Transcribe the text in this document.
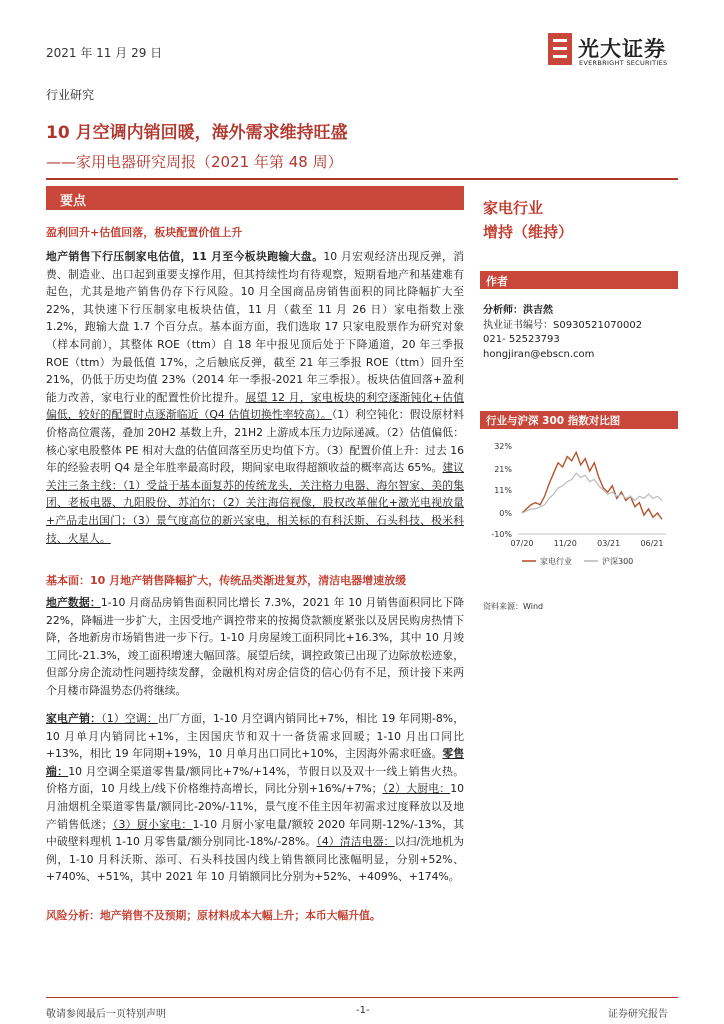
2021 年 11 月 29 日	光大证券
EVERBRIGHT SECURITIES
行业研究
10 月空调内销回暖，海外需求维持旺盛
——家用电器研究周报（2021 年第 48 周）
要点
盈利回升+估值回落，板块配置价值上升
地产销售下行压制家电估值，11 月至今板块跑输大盘。10 月宏观经济出现反弹，消费、制造业、出口起到重要支撑作用，但其持续性均有待观察，短期看地产和基建难有起色，尤其是地产销售仍存下行风险。10 月全国商品房销售面积的同比降幅扩大至 22%，其快速下行压制家电板块估值，11 月（截至 11 月 26 日）家电指数上涨 1.2%，跑输大盘 1.7 个百分点。基本面方面，我们选取 17 只家电股票作为研究对象（样本同前），其整体 ROE（ttm）自 18 年中报见顶后处于下降通道，20 年三季报 ROE（ttm）为最低值 17%，之后触底反弹，截至 21 年三季报 ROE（ttm）回升至 21%，仍低于历史均值 23%（2014 年一季报-2021 年三季报）。板块估值回落+盈利能力改善，家电行业的配置性价比提升。展望 12 月，家电板块的利空逐渐钝化+估值偏低，较好的配置时点逐渐临近（Q4 估值切换性率较高）。（1）利空钝化：假设原材料价格高位震荡，叠加 20H2 基数上升，21H2 上游成本压力边际递减。（2）估值偏低：核心家电股整体 PE 相对大盘的估值回落至历史均值下方。（3）配置价值上升：过去 16 年的经验表明 Q4 是全年胜率最高时段，期间家电取得超额收益的概率高达 65%。建议关注三条主线：（1）受益于基本面复苏的传统龙头，关注格力电器、海尔智家、美的集团、老板电器、九阳股份、苏泊尔；（2）关注海信视像，股权改革催化+激光电视放量+产品走出国门；（3）景气度高位的新兴家电，相关标的有科沃斯、石头科技、极米科技、火星人。
基本面：10 月地产销售降幅扩大，传统品类渐进复苏，清洁电器增速放缓
地产数据：1-10 月商品房销售面积同比增长 7.3%，2021 年 10 月销售面积同比下降 22%，降幅进一步扩大，主因受地产调控带来的按揭贷款额度紧张以及居民购房热情下降，各地新房市场销售进一步下行。1-10 月房屋竣工面积同比+16.3%，其中 10 月竣工同比-21.3%，竣工面积增速大幅回落。展望后续，调控政策已出现了边际放松迹象，但部分房企流动性问题持续发酵，金融机构对房企信贷的信心仍有不足，预计接下来两个月楼市降温势态仍将继续。
家电产销：（1）空调：出厂方面，1-10 月空调内销同比+7%，相比 19 年同期-8%，10 月单月内销同比+1%，主因国庆节和双十一备货需求回暖；1-10 月出口同比+13%，相比 19 年同期+19%，10 月单月出口同比+10%，主因海外需求旺盛。零售端：10 月空调全渠道零售量/额同比+7%/+14%，节假日以及双十一线上销售火热。价格方面，10 月线上/线下价格维持高增长，同比分别+16%/+7%；（2）大厨电：10 月油烟机全渠道零售量/额同比-20%/-11%，景气度不佳主因年初需求过度释放以及地产销售低迷；（3）厨小家电：1-10 月厨小家电量/额较 2020 年同期-12%/-13%，其中破壁料理机 1-10 月零售量/额分别同比-18%/-28%。（4）清洁电器：以扫/洗地机为例，1-10 月科沃斯、添可、石头科技国内线上销售额同比涨幅明显，分别+52%、+740%、+51%，其中 2021 年 10 月销额同比分别为+52%、+409%、+174%。
风险分析：地产销售不及预期；原材料成本大幅上升；本币大幅升值。
家电行业
增持（维持）
作者
分析师：洪吉然
执业证书编号：S0930521070002
021- 52523793
hongjiran@ebscn.com
行业与沪深 300 指数对比图
32%
21%
11%
0%
-10%
07/20	11/20	03/21	06/21
家电行业	沪深300
资料来源：Wind
敬请参阅最后一页特别声明	-1-	证券研究报告
